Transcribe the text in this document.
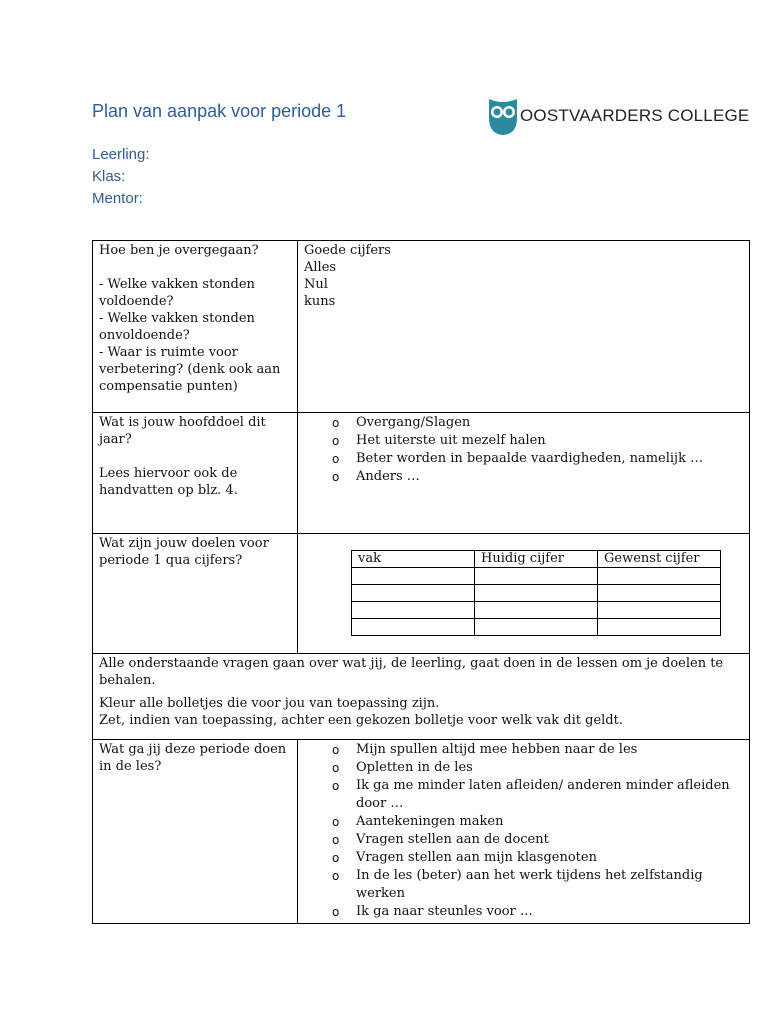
Plan van aanpak voor periode 1	OOSTVAARDERS COLLEGE
Leerling:
Klas:
Mentor:
Hoe ben je overgegaan?

- Welke vakken stonden voldoende?
- Welke vakken stonden onvoldoende?
- Waar is ruimte voor verbetering? (denk ook aan compensatie punten)	Goede cijfers
Alles
Nul
kuns
Wat is jouw hoofddoel dit jaar?

Lees hiervoor ook de handvatten op blz. 4.	
o Overgang/Slagen
o Het uiterste uit mezelf halen
o Beter worden in bepaalde vaardigheden, namelijk …
o Anders …

Wat zijn jouw doelen voor periode 1 qua cijfers?		vak	Huidig cijfer	Gewenst cijfer

Alle onderstaande vragen gaan over wat jij, de leerling, gaat doen in de lessen om je doelen te behalen.

Kleur alle bolletjes die voor jou van toepassing zijn.
Zet, indien van toepassing, achter een gekozen bolletje voor welk vak dit geldt.

Wat ga jij deze periode doen in de les?	
o Mijn spullen altijd mee hebben naar de les
o Opletten in de les
o Ik ga me minder laten afleiden/ anderen minder afleiden door …
o Aantekeningen maken
o Vragen stellen aan de docent
o Vragen stellen aan mijn klasgenoten
o In de les (beter) aan het werk tijdens het zelfstandig werken
o Ik ga naar steunles voor …
